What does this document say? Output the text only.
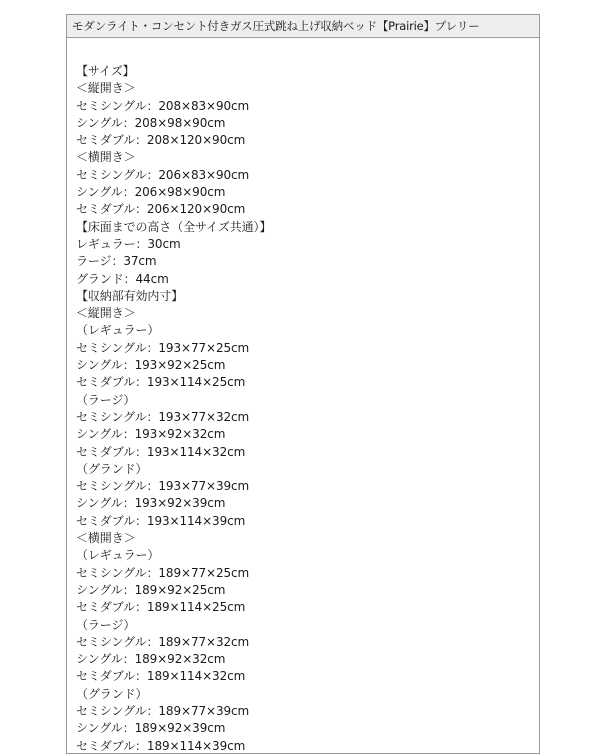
モダンライト・コンセント付きガス圧式跳ね上げ収納ベッド【Prairie】プレリー
【サイズ】
＜縦開き＞
セミシングル：208×83×90cm
シングル：208×98×90cm
セミダブル：208×120×90cm
＜横開き＞
セミシングル：206×83×90cm
シングル：206×98×90cm
セミダブル：206×120×90cm
【床面までの高さ（全サイズ共通）】
レギュラー：30cm
ラージ：37cm
グランド：44cm
【収納部有効内寸】
＜縦開き＞
（レギュラー）
セミシングル：193×77×25cm
シングル：193×92×25cm
セミダブル：193×114×25cm
（ラージ）
セミシングル：193×77×32cm
シングル：193×92×32cm
セミダブル：193×114×32cm
（グランド）
セミシングル：193×77×39cm
シングル：193×92×39cm
セミダブル：193×114×39cm
＜横開き＞
（レギュラー）
セミシングル：189×77×25cm
シングル：189×92×25cm
セミダブル：189×114×25cm
（ラージ）
セミシングル：189×77×32cm
シングル：189×92×32cm
セミダブル：189×114×32cm
（グランド）
セミシングル：189×77×39cm
シングル：189×92×39cm
セミダブル：189×114×39cm
